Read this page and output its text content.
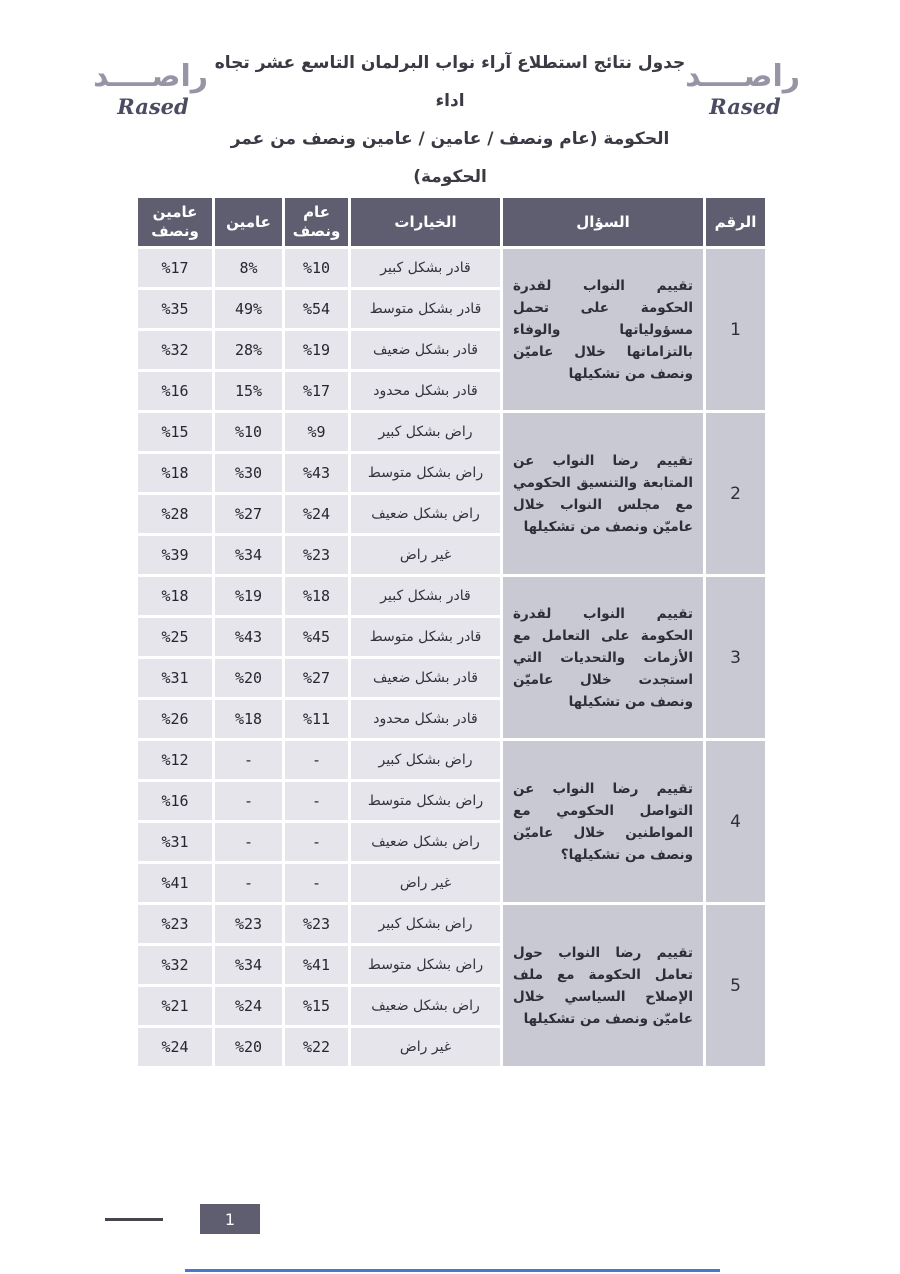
راصــــد
Rased
جدول نتائج استطلاع آراء نواب البرلمان التاسع عشر تجاه اداء
الحكومة (عام ونصف / عامين / عامين ونصف من عمر الحكومة)
راصــــد
Rased
الرقم	السؤال	الخيارات	عام ونصف	عامين	عامين ونصف
1	تقييم النواب لقدرة الحكومة على تحمل مسؤولياتها والوفاء بالتزاماتها خلال عاميّن ونصف من تشكيلها	قادر بشكل كبير	%10	8%	%17
		قادر بشكل متوسط	%54	49%	%35
		قادر بشكل ضعيف	%19	28%	%32
		قادر بشكل محدود	%17	15%	%16
2	تقييم رضا النواب عن المتابعة والتنسيق الحكومي مع مجلس النواب خلال عاميّن ونصف من تشكيلها	راض بشكل كبير	%9	%10	%15
		راض بشكل متوسط	%43	%30	%18
		راض بشكل ضعيف	%24	%27	%28
		غير راض	%23	%34	%39
3	تقييم النواب لقدرة الحكومة على التعامل مع الأزمات والتحديات التي استجدت خلال عاميّن ونصف من تشكيلها	قادر بشكل كبير	%18	%19	%18
		قادر بشكل متوسط	%45	%43	%25
		قادر بشكل ضعيف	%27	%20	%31
		قادر بشكل محدود	%11	%18	%26
4	تقييم رضا النواب عن التواصل الحكومي مع المواطنين خلال عاميّن ونصف من تشكيلها؟	راض بشكل كبير	-	-	%12
		راض بشكل متوسط	-	-	%16
		راض بشكل ضعيف	-	-	%31
		غير راض	-	-	%41
5	تقييم رضا النواب حول تعامل الحكومة مع ملف الإصلاح السياسي خلال عاميّن ونصف من تشكيلها	راض بشكل كبير	%23	%23	%23
		راض بشكل متوسط	%41	%34	%32
		راض بشكل ضعيف	%15	%24	%21
		غير راض	%22	%20	%24
1
